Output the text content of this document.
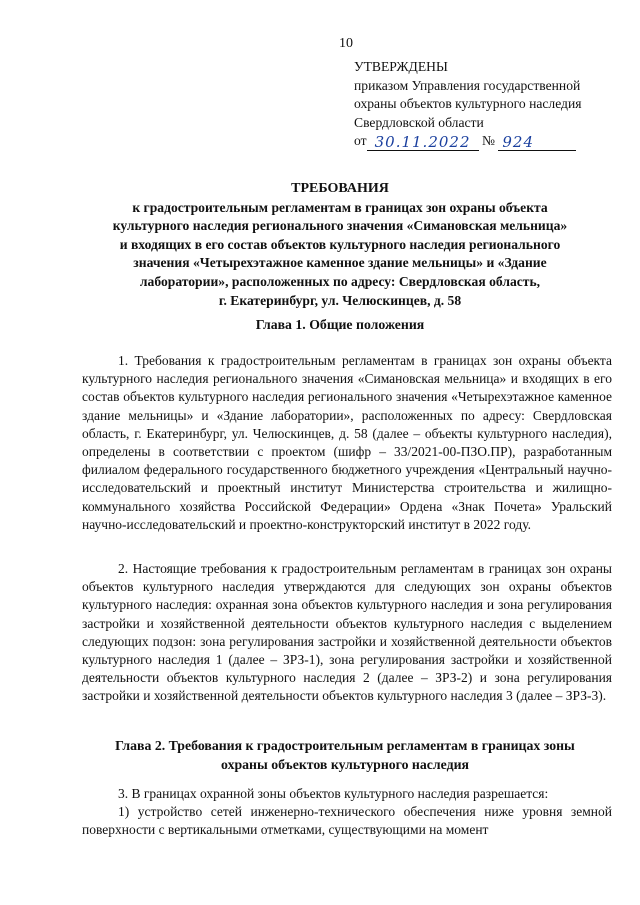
10
УТВЕРЖДЕНЫ
приказом Управления государственной
охраны объектов культурного наследия
Свердловской области
от 30.11.2022 № 924
ТРЕБОВАНИЯ
к градостроительным регламентам в границах зон охраны объекта
культурного наследия регионального значения «Симановская мельница»
и входящих в его состав объектов культурного наследия регионального
значения «Четырехэтажное каменное здание мельницы» и «Здание
лаборатории», расположенных по адресу: Свердловская область,
г. Екатеринбург, ул. Челюскинцев, д. 58
Глава 1. Общие положения

1. Требования к градостроительным регламентам в границах зон охраны объекта культурного наследия регионального значения «Симановская мельница» и входящих в его состав объектов культурного наследия регионального значения «Четырехэтажное каменное здание мельницы» и «Здание лаборатории», расположенных по адресу: Свердловская область, г. Екатеринбург, ул. Челюскинцев, д. 58 (далее – объекты культурного наследия), определены в соответствии с проектом (шифр – 33/2021-00-ПЗО.ПР), разработанным филиалом федерального государственного бюджетного учреждения «Центральный научно-исследовательский и проектный институт Министерства строительства и жилищно-коммунального хозяйства Российской Федерации» Ордена «Знак Почета» Уральский научно-исследовательский и проектно-конструкторский институт в 2022 году.

2. Настоящие требования к градостроительным регламентам в границах зон охраны объектов культурного наследия утверждаются для следующих зон охраны объектов культурного наследия: охранная зона объектов культурного наследия и зона регулирования застройки и хозяйственной деятельности объектов культурного наследия с выделением следующих подзон: зона регулирования застройки и хозяйственной деятельности объектов культурного наследия 1 (далее – ЗРЗ-1), зона регулирования застройки и хозяйственной деятельности объектов культурного наследия 2 (далее – ЗРЗ-2) и зона регулирования застройки и хозяйственной деятельности объектов культурного наследия 3 (далее – ЗРЗ-3).

Глава 2. Требования к градостроительным регламентам в границах зоны
охраны объектов культурного наследия

3. В границах охранной зоны объектов культурного наследия разрешается:

1) устройство сетей инженерно-технического обеспечения ниже уровня земной поверхности с вертикальными отметками, существующими на момент
